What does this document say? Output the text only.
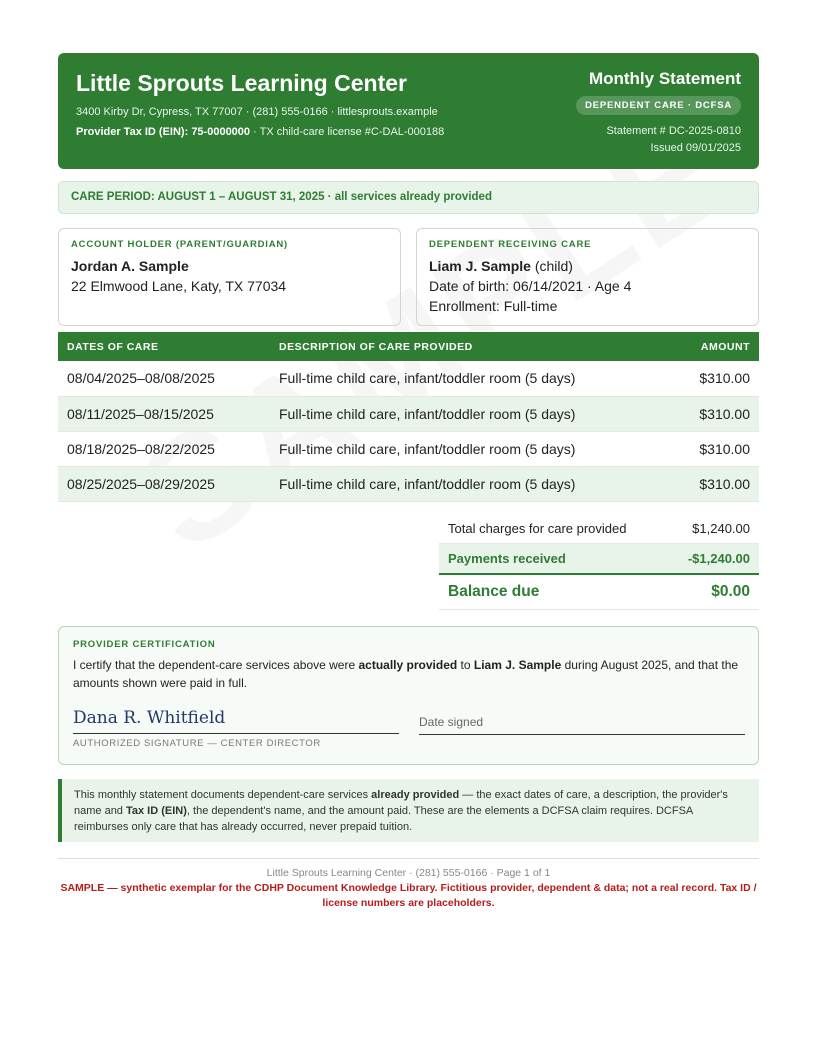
Little Sprouts Learning Center
3400 Kirby Dr, Cypress, TX 77007 · (281) 555-0166 · littlesprouts.example
Provider Tax ID (EIN): 75-0000000 · TX child-care license #C-DAL-000188
Monthly Statement
DEPENDENT CARE · DCFSA
Statement # DC-2025-0810
Issued 09/01/2025
CARE PERIOD: AUGUST 1 – AUGUST 31, 2025 · all services already provided
ACCOUNT HOLDER (PARENT/GUARDIAN)
Jordan A. Sample
22 Elmwood Lane, Katy, TX 77034
DEPENDENT RECEIVING CARE
Liam J. Sample (child)
Date of birth: 06/14/2021 · Age 4
Enrollment: Full-time
DATES OF CARE	DESCRIPTION OF CARE PROVIDED	AMOUNT
08/04/2025–08/08/2025	Full-time child care, infant/toddler room (5 days)	$310.00
08/11/2025–08/15/2025	Full-time child care, infant/toddler room (5 days)	$310.00
08/18/2025–08/22/2025	Full-time child care, infant/toddler room (5 days)	$310.00
08/25/2025–08/29/2025	Full-time child care, infant/toddler room (5 days)	$310.00
Total charges for care provided	$1,240.00
Payments received	-$1,240.00
Balance due	$0.00
PROVIDER CERTIFICATION
I certify that the dependent-care services above were actually provided to Liam J. Sample during August 2025, and that the amounts shown were paid in full.
Dana R. Whitfield
AUTHORIZED SIGNATURE — CENTER DIRECTOR
Date signed
This monthly statement documents dependent-care services already provided — the exact dates of care, a description, the provider's name and Tax ID (EIN), the dependent's name, and the amount paid. These are the elements a DCFSA claim requires. DCFSA reimburses only care that has already occurred, never prepaid tuition.
Little Sprouts Learning Center · (281) 555-0166 · Page 1 of 1
SAMPLE — synthetic exemplar for the CDHP Document Knowledge Library. Fictitious provider, dependent & data; not a real record. Tax ID / license numbers are placeholders.
